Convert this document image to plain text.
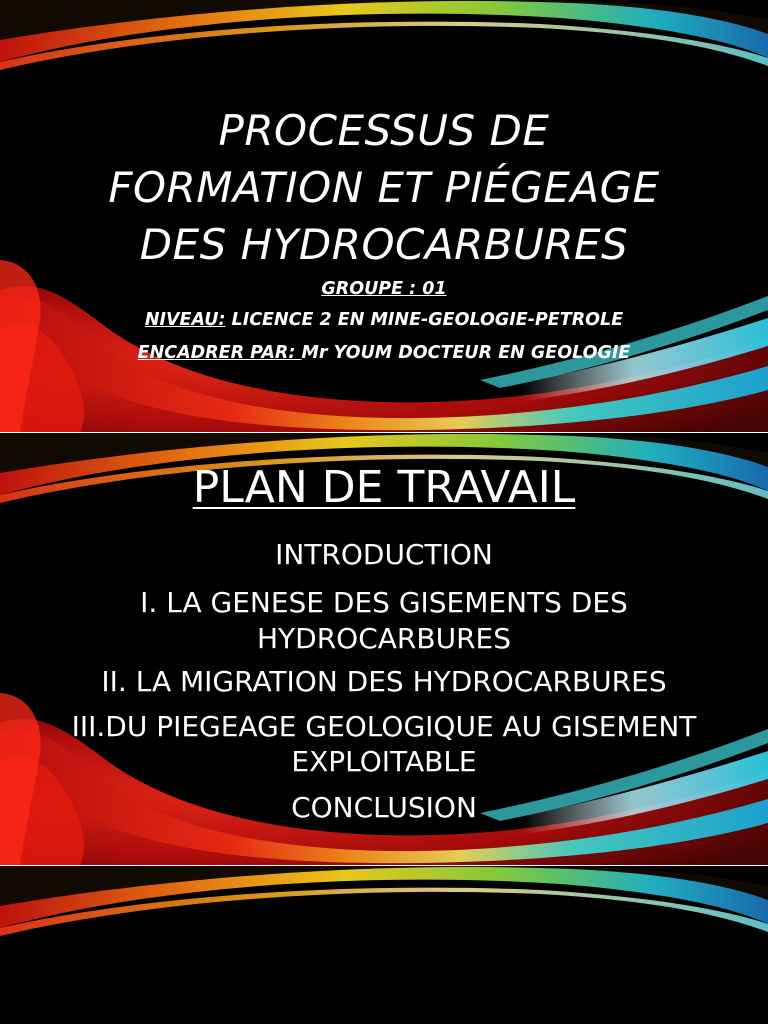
PROCESSUS DE
FORMATION ET PIÉGEAGE
DES HYDROCARBURES

GROUPE : 01

NIVEAU: LICENCE 2 EN MINE-GEOLOGIE-PETROLE

ENCADRER PAR: Mr YOUM DOCTEUR EN GEOLOGIE

PLAN DE TRAVAIL

INTRODUCTION

I. LA GENESE DES GISEMENTS DES

HYDROCARBURES

II. LA MIGRATION DES HYDROCARBURES

III.DU PIEGEAGE GEOLOGIQUE AU GISEMENT

EXPLOITABLE

CONCLUSION
